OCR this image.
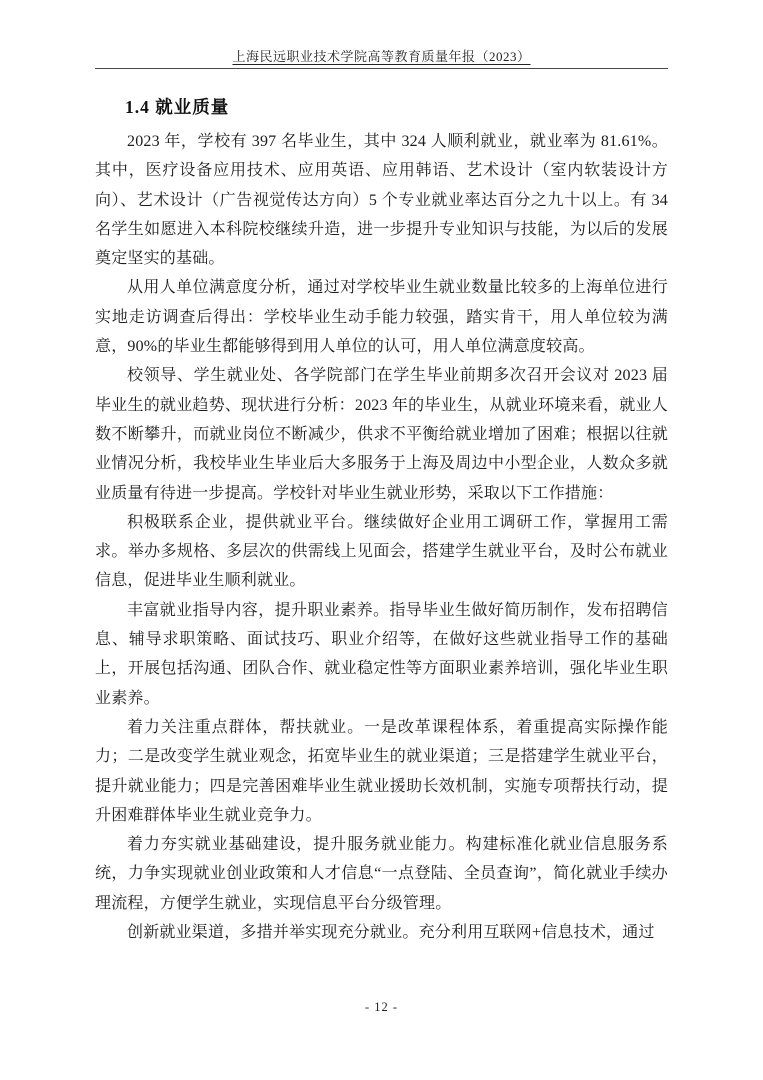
上海民远职业技术学院高等教育质量年报（2023）
1.4 就业质量

2023 年，学校有 397 名毕业生，其中 324 人顺利就业，就业率为 81.61%。其中，医疗设备应用技术、应用英语、应用韩语、艺术设计（室内软装设计方向）、艺术设计（广告视觉传达方向）5 个专业就业率达百分之九十以上。有 34 名学生如愿进入本科院校继续升造，进一步提升专业知识与技能，为以后的发展奠定坚实的基础。

从用人单位满意度分析，通过对学校毕业生就业数量比较多的上海单位进行实地走访调查后得出：学校毕业生动手能力较强，踏实肯干，用人单位较为满意，90%的毕业生都能够得到用人单位的认可，用人单位满意度较高。

校领导、学生就业处、各学院部门在学生毕业前期多次召开会议对 2023 届毕业生的就业趋势、现状进行分析：2023 年的毕业生，从就业环境来看，就业人数不断攀升，而就业岗位不断减少，供求不平衡给就业增加了困难；根据以往就业情况分析，我校毕业生毕业后大多服务于上海及周边中小型企业，人数众多就业质量有待进一步提高。学校针对毕业生就业形势，采取以下工作措施：

积极联系企业，提供就业平台。继续做好企业用工调研工作，掌握用工需求。举办多规格、多层次的供需线上见面会，搭建学生就业平台，及时公布就业信息，促进毕业生顺利就业。

丰富就业指导内容，提升职业素养。指导毕业生做好简历制作，发布招聘信息、辅导求职策略、面试技巧、职业介绍等，在做好这些就业指导工作的基础上，开展包括沟通、团队合作、就业稳定性等方面职业素养培训，强化毕业生职业素养。

着力关注重点群体，帮扶就业。一是改革课程体系，着重提高实际操作能力；二是改变学生就业观念，拓宽毕业生的就业渠道；三是搭建学生就业平台，提升就业能力；四是完善困难毕业生就业援助长效机制，实施专项帮扶行动，提升困难群体毕业生就业竞争力。

着力夯实就业基础建设，提升服务就业能力。构建标准化就业信息服务系统，力争实现就业创业政策和人才信息“一点登陆、全员查询”，简化就业手续办理流程，方便学生就业，实现信息平台分级管理。

创新就业渠道，多措并举实现充分就业。充分利用互联网+信息技术，通过

- 12 -
